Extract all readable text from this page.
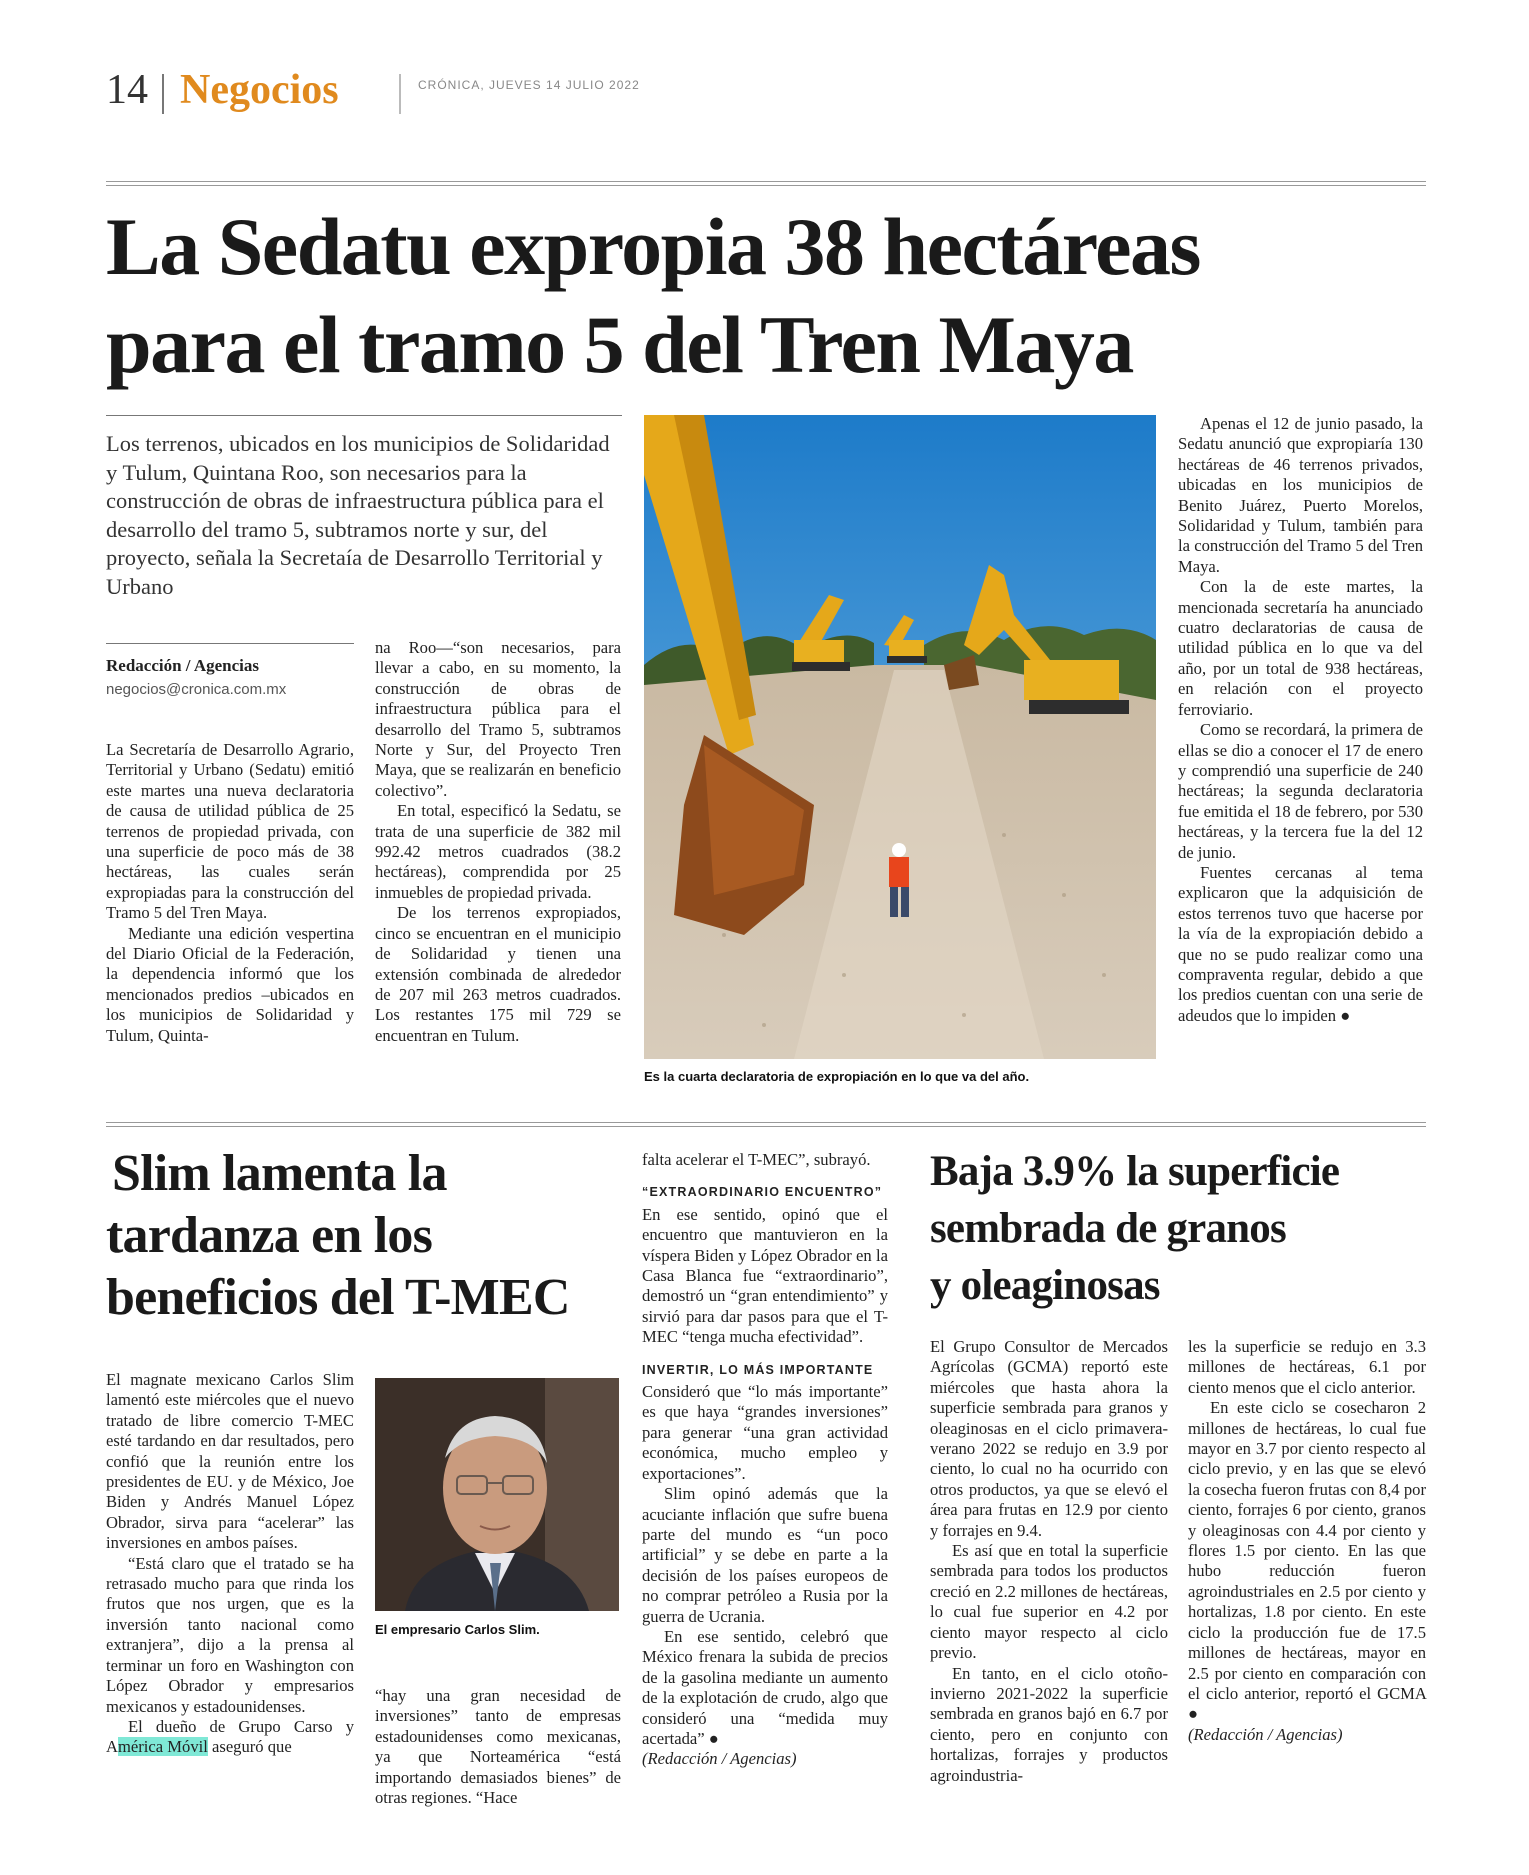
14 Negocios	CRÓNICA, JUEVES 14 JULIO 2022
La Sedatu expropia 38 hectáreas
para el tramo 5 del Tren Maya
Los terrenos, ubicados en los municipios de Solidaridad y Tulum, Quintana Roo, son necesarios para la construcción de obras de infraestructura pública para el desarrollo del tramo 5, subtramos norte y sur, del proyecto, señala la Secretaía de Desarrollo Territorial y Urbano
Redacción / Agencias
negocios@cronica.com.mx

La Secretaría de Desarrollo Agrario, Territorial y Urbano (Sedatu) emitió este martes una nueva declaratoria de causa de utilidad pública de 25 terrenos de propiedad privada, con una superficie de poco más de 38 hectáreas, las cuales serán expropiadas para la construcción del Tramo 5 del Tren Maya.

Mediante una edición vespertina del Diario Oficial de la Federación, la dependencia informó que los mencionados predios –ubicados en los municipios de Solidaridad y Tulum, Quinta-

na Roo—“son necesarios, para llevar a cabo, en su momento, la construcción de obras de infraestructura pública para el desarrollo del Tramo 5, subtramos Norte y Sur, del Proyecto Tren Maya, que se realizarán en beneficio colectivo”.

En total, especificó la Sedatu, se trata de una superficie de 382 mil 992.42 metros cuadrados (38.2 hectáreas), comprendida por 25 inmuebles de propiedad privada.

De los terrenos expropiados, cinco se encuentran en el municipio de Solidaridad y tienen una extensión combinada de alrededor de 207 mil 263 metros cuadrados. Los restantes 175 mil 729 se encuentran en Tulum.

Es la cuarta declaratoria de expropiación en lo que va del año.

Apenas el 12 de junio pasado, la Sedatu anunció que expropiaría 130 hectáreas de 46 terrenos privados, ubicadas en los municipios de Benito Juárez, Puerto Morelos, Solidaridad y Tulum, también para la construcción del Tramo 5 del Tren Maya.

Con la de este martes, la mencionada secretaría ha anunciado cuatro declaratorias de causa de utilidad pública en lo que va del año, por un total de 938 hectáreas, en relación con el proyecto ferroviario.

Como se recordará, la primera de ellas se dio a conocer el 17 de enero y comprendió una superficie de 240 hectáreas; la segunda declaratoria fue emitida el 18 de febrero, por 530 hectáreas, y la tercera fue la del 12 de junio.

Fuentes cercanas al tema explicaron que la adquisición de estos terrenos tuvo que hacerse por la vía de la expropiación debido a que no se pudo realizar como una compraventa regular, debido a que los predios cuentan con una serie de adeudos que lo impiden ●

Slim lamenta la
tardanza en los
beneficios del T-MEC

El magnate mexicano Carlos Slim lamentó este miércoles que el nuevo tratado de libre comercio T-MEC esté tardando en dar resultados, pero confió que la reunión entre los presidentes de EU. y de México, Joe Biden y Andrés Manuel López Obrador, sirva para “acelerar” las inversiones en ambos países.

“Está claro que el tratado se ha retrasado mucho para que rinda los frutos que nos urgen, que es la inversión tanto nacional como extranjera”, dijo a la prensa al terminar un foro en Washington con López Obrador y empresarios mexicanos y estadounidenses.

El dueño de Grupo Carso y América Móvil aseguró que

El empresario Carlos Slim.

“hay una gran necesidad de inversiones” tanto de empresas estadounidenses como mexicanas, ya que Norteamérica “está importando demasiados bienes” de otras regiones. “Hace

falta acelerar el T-MEC”, subrayó.

“EXTRAORDINARIO ENCUENTRO”

En ese sentido, opinó que el encuentro que mantuvieron en la víspera Biden y López Obrador en la Casa Blanca fue “extraordinario”, demostró un “gran entendimiento” y sirvió para dar pasos para que el T-MEC “tenga mucha efectividad”.

INVERTIR, LO MÁS IMPORTANTE

Consideró que “lo más importante” es que haya “grandes inversiones” para generar “una gran actividad económica, mucho empleo y exportaciones”.

Slim opinó además que la acuciante inflación que sufre buena parte del mundo es “un poco artificial” y se debe en parte a la decisión de los países europeos de no comprar petróleo a Rusia por la guerra de Ucrania.

En ese sentido, celebró que México frenara la subida de precios de la gasolina mediante un aumento de la explotación de crudo, algo que consideró una “medida muy acertada” ●

(Redacción / Agencias)

Baja 3.9% la superficie
sembrada de granos
y oleaginosas

El Grupo Consultor de Mercados Agrícolas (GCMA) reportó este miércoles que hasta ahora la superficie sembrada para granos y oleaginosas en el ciclo primavera-verano 2022 se redujo en 3.9 por ciento, lo cual no ha ocurrido con otros productos, ya que se elevó el área para frutas en 12.9 por ciento y forrajes en 9.4.

Es así que en total la superficie sembrada para todos los productos creció en 2.2 millones de hectáreas, lo cual fue superior en 4.2 por ciento mayor respecto al ciclo previo.

En tanto, en el ciclo otoño-invierno 2021-2022 la superficie sembrada en granos bajó en 6.7 por ciento, pero en conjunto con hortalizas, forrajes y productos agroindustria-

les la superficie se redujo en 3.3 millones de hectáreas, 6.1 por ciento menos que el ciclo anterior.

En este ciclo se cosecharon 2 millones de hectáreas, lo cual fue mayor en 3.7 por ciento respecto al ciclo previo, y en las que se elevó la cosecha fueron frutas con 8,4 por ciento, forrajes 6 por ciento, granos y oleaginosas con 4.4 por ciento y flores 1.5 por ciento. En las que hubo reducción fueron agroindustriales en 2.5 por ciento y hortalizas, 1.8 por ciento. En este ciclo la producción fue de 17.5 millones de hectáreas, mayor en 2.5 por ciento en comparación con el ciclo anterior, reportó el GCMA ●

(Redacción / Agencias)
